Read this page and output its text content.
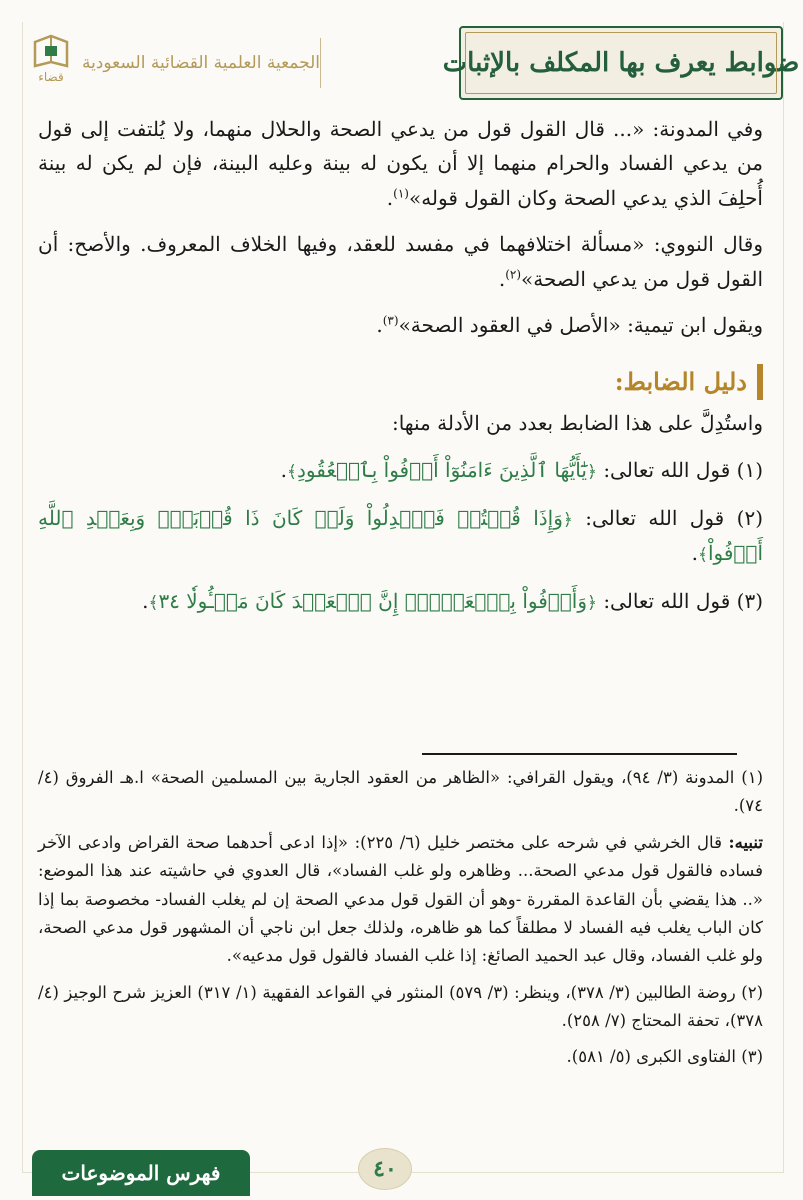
قضاء
الجمعية العلمية القضائية السعودية	ضوابط يعرف بها المكلف بالإثبات

وفي المدونة: «... قال القول قول من يدعي الصحة والحلال منهما، ولا يُلتفت إلى قول من يدعي الفساد والحرام منهما إلا أن يكون له بينة وعليه البينة، فإن لم يكن له بينة أُحلِفَ الذي يدعي الصحة وكان القول قوله»$^{(١)}$.

وقال النووي: «مسألة اختلافهما في مفسد للعقد، وفيها الخلاف المعروف. والأصح: أن القول قول من يدعي الصحة»$^{(٢)}$.

ويقول ابن تيمية: «الأصل في العقود الصحة»$^{(٣)}$.

دليل الضابط:

واستُدِلَّ على هذا الضابط بعدد من الأدلة منها:

(١) قول الله تعالى: ﴿يَٰٓأَيُّهَا ٱلَّذِينَ ءَامَنُوٓاْ أَوۡفُواْ بِٱلۡعُقُودِ﴾.
(٢) قول الله تعالى: ﴿وَإِذَا قُلۡتُمۡ فَٱعۡدِلُواْ وَلَوۡ كَانَ ذَا قُرۡبَىٰۖ وَبِعَهۡدِ ٱللَّهِ أَوۡفُواْ﴾.
(٣) قول الله تعالى: ﴿وَأَوۡفُواْ بِٱلۡعَهۡدِۖ إِنَّ ٱلۡعَهۡدَ كَانَ مَسۡـُٔولٗا ٣٤﴾.
(١) المدونة (٣/ ٩٤)، ويقول القرافي: «الظاهر من العقود الجارية بين المسلمين الصحة» ا.هـ الفروق (٤/ ٧٤).
تنبيه: قال الخرشي في شرحه على مختصر خليل (٦/ ٢٢٥): «إذا ادعى أحدهما صحة القراض وادعى الآخر فساده فالقول قول مدعي الصحة... وظاهره ولو غلب الفساد»، قال العدوي في حاشيته عند هذا الموضع: «.. هذا يقضي بأن القاعدة المقررة -وهو أن القول قول مدعي الصحة إن لم يغلب الفساد- مخصوصة بما إذا كان الباب يغلب فيه الفساد لا مطلقاً كما هو ظاهره، ولذلك جعل ابن ناجي أن المشهور قول مدعي الصحة، ولو غلب الفساد، وقال عبد الحميد الصائغ: إذا غلب الفساد فالقول قول مدعيه».
(٢) روضة الطالبين (٣/ ٣٧٨)، وينظر: (٣/ ٥٧٩) المنثور في القواعد الفقهية (١/ ٣١٧) العزيز شرح الوجيز (٤/ ٣٧٨)، تحفة المحتاج (٧/ ٢٥٨).
(٣) الفتاوى الكبرى (٥/ ٥٨١).
٤٠
فهرس الموضوعات
